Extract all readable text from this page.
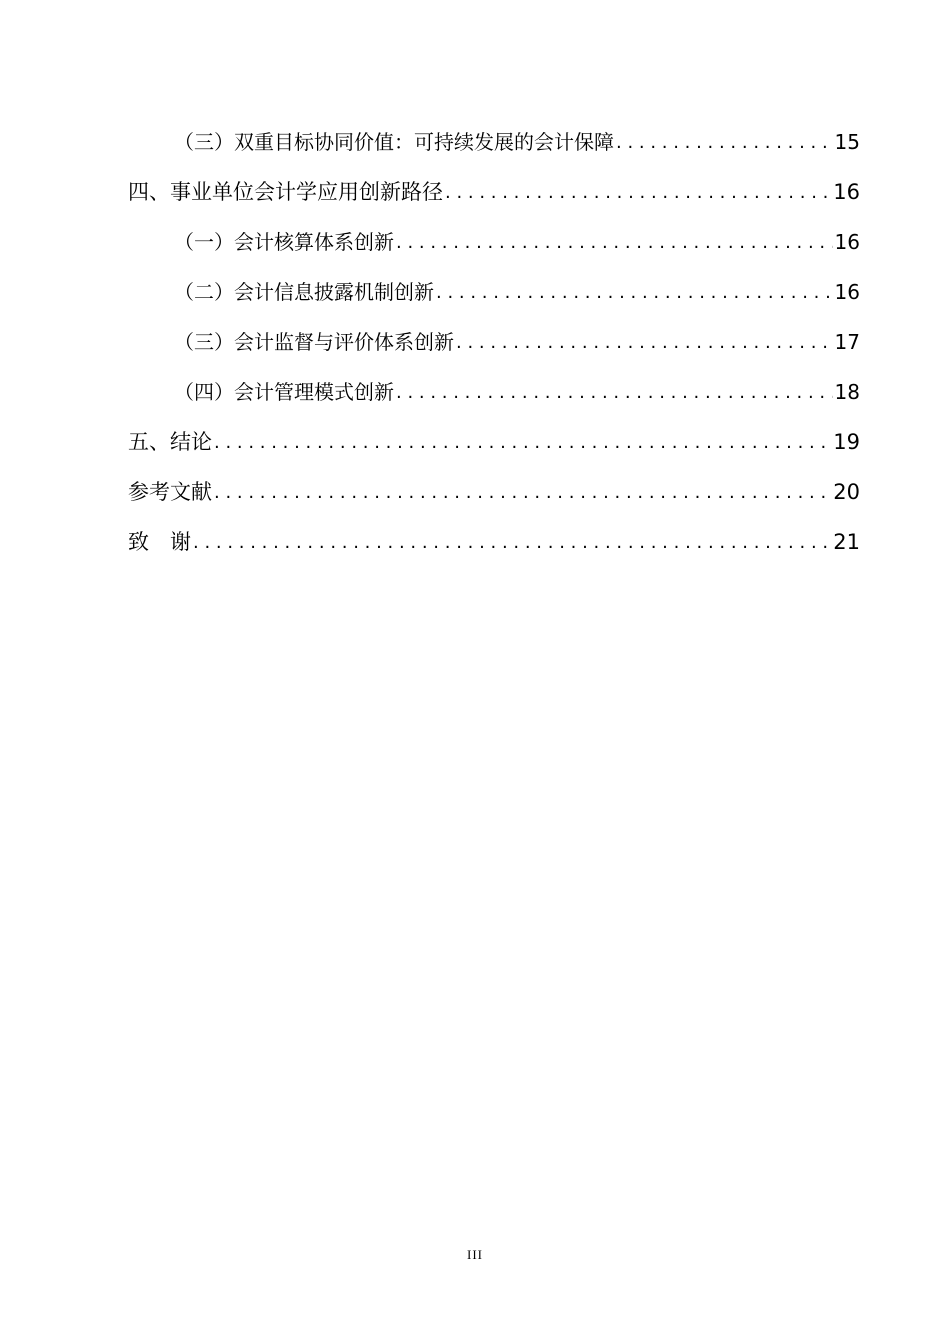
（三）双重目标协同价值：可持续发展的会计保障 . . .	15
四、事业单位会计学应用创新路径 . . .	16
（一）会计核算体系创新 . . .	16
（二）会计信息披露机制创新 . . .	16
（三）会计监督与评价体系创新 . . .	17
（四）会计管理模式创新 . . .	18
五、结论 . . .	19
参考文献 . . .	20
致　谢 . . .	21
III
